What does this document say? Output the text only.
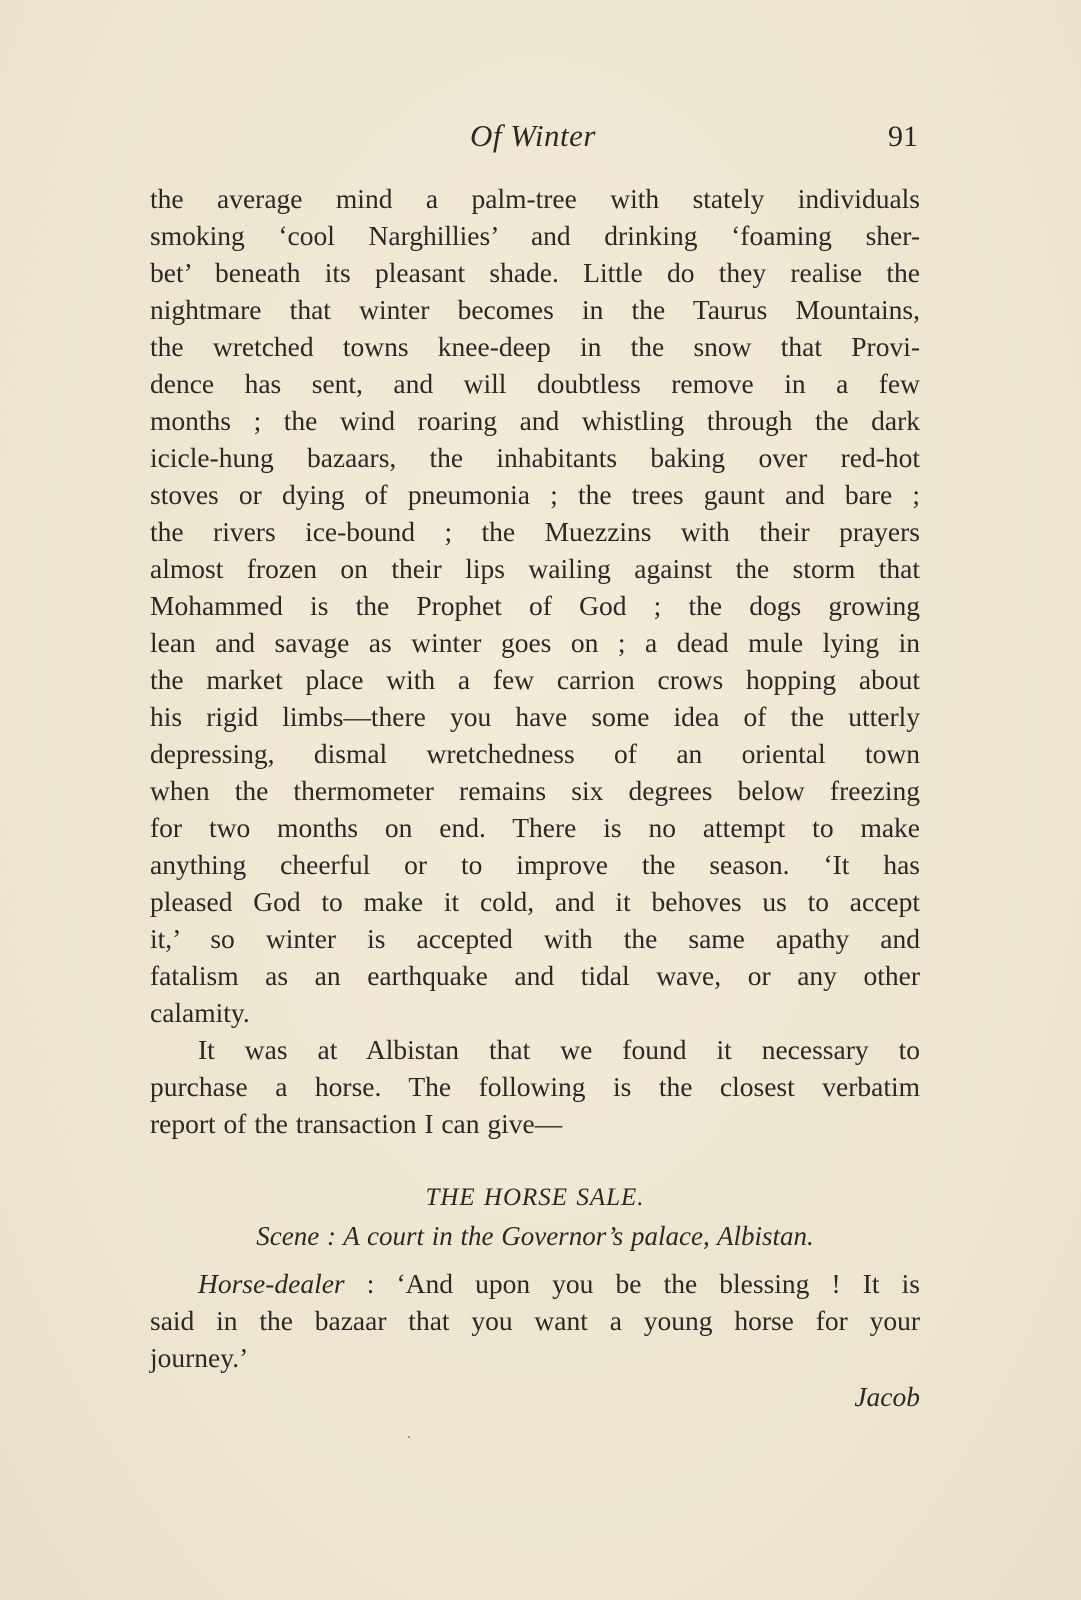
Of Winter	91
the average mind a palm-tree with stately individuals
smoking ‘cool Narghillies’ and drinking ‘foaming sher-
bet’ beneath its pleasant shade. Little do they realise the
nightmare that winter becomes in the Taurus Mountains,
the wretched towns knee-deep in the snow that Provi-
dence has sent, and will doubtless remove in a few
months ; the wind roaring and whistling through the dark
icicle-hung bazaars, the inhabitants baking over red-hot
stoves or dying of pneumonia ; the trees gaunt and bare ;
the rivers ice-bound ; the Muezzins with their prayers
almost frozen on their lips wailing against the storm that
Mohammed is the Prophet of God ; the dogs growing
lean and savage as winter goes on ; a dead mule lying in
the market place with a few carrion crows hopping about
his rigid limbs—there you have some idea of the utterly
depressing, dismal wretchedness of an oriental town
when the thermometer remains six degrees below freezing
for two months on end. There is no attempt to make
anything cheerful or to improve the season. ‘It has
pleased God to make it cold, and it behoves us to accept
it,’ so winter is accepted with the same apathy and
fatalism as an earthquake and tidal wave, or any other
calamity.
It was at Albistan that we found it necessary to
purchase a horse. The following is the closest verbatim
report of the transaction I can give—
THE HORSE SALE.
Scene : A court in the Governor’s palace, Albistan.
Horse-dealer : ‘And upon you be the blessing ! It is
said in the bazaar that you want a young horse for your
journey.’
Jacob
